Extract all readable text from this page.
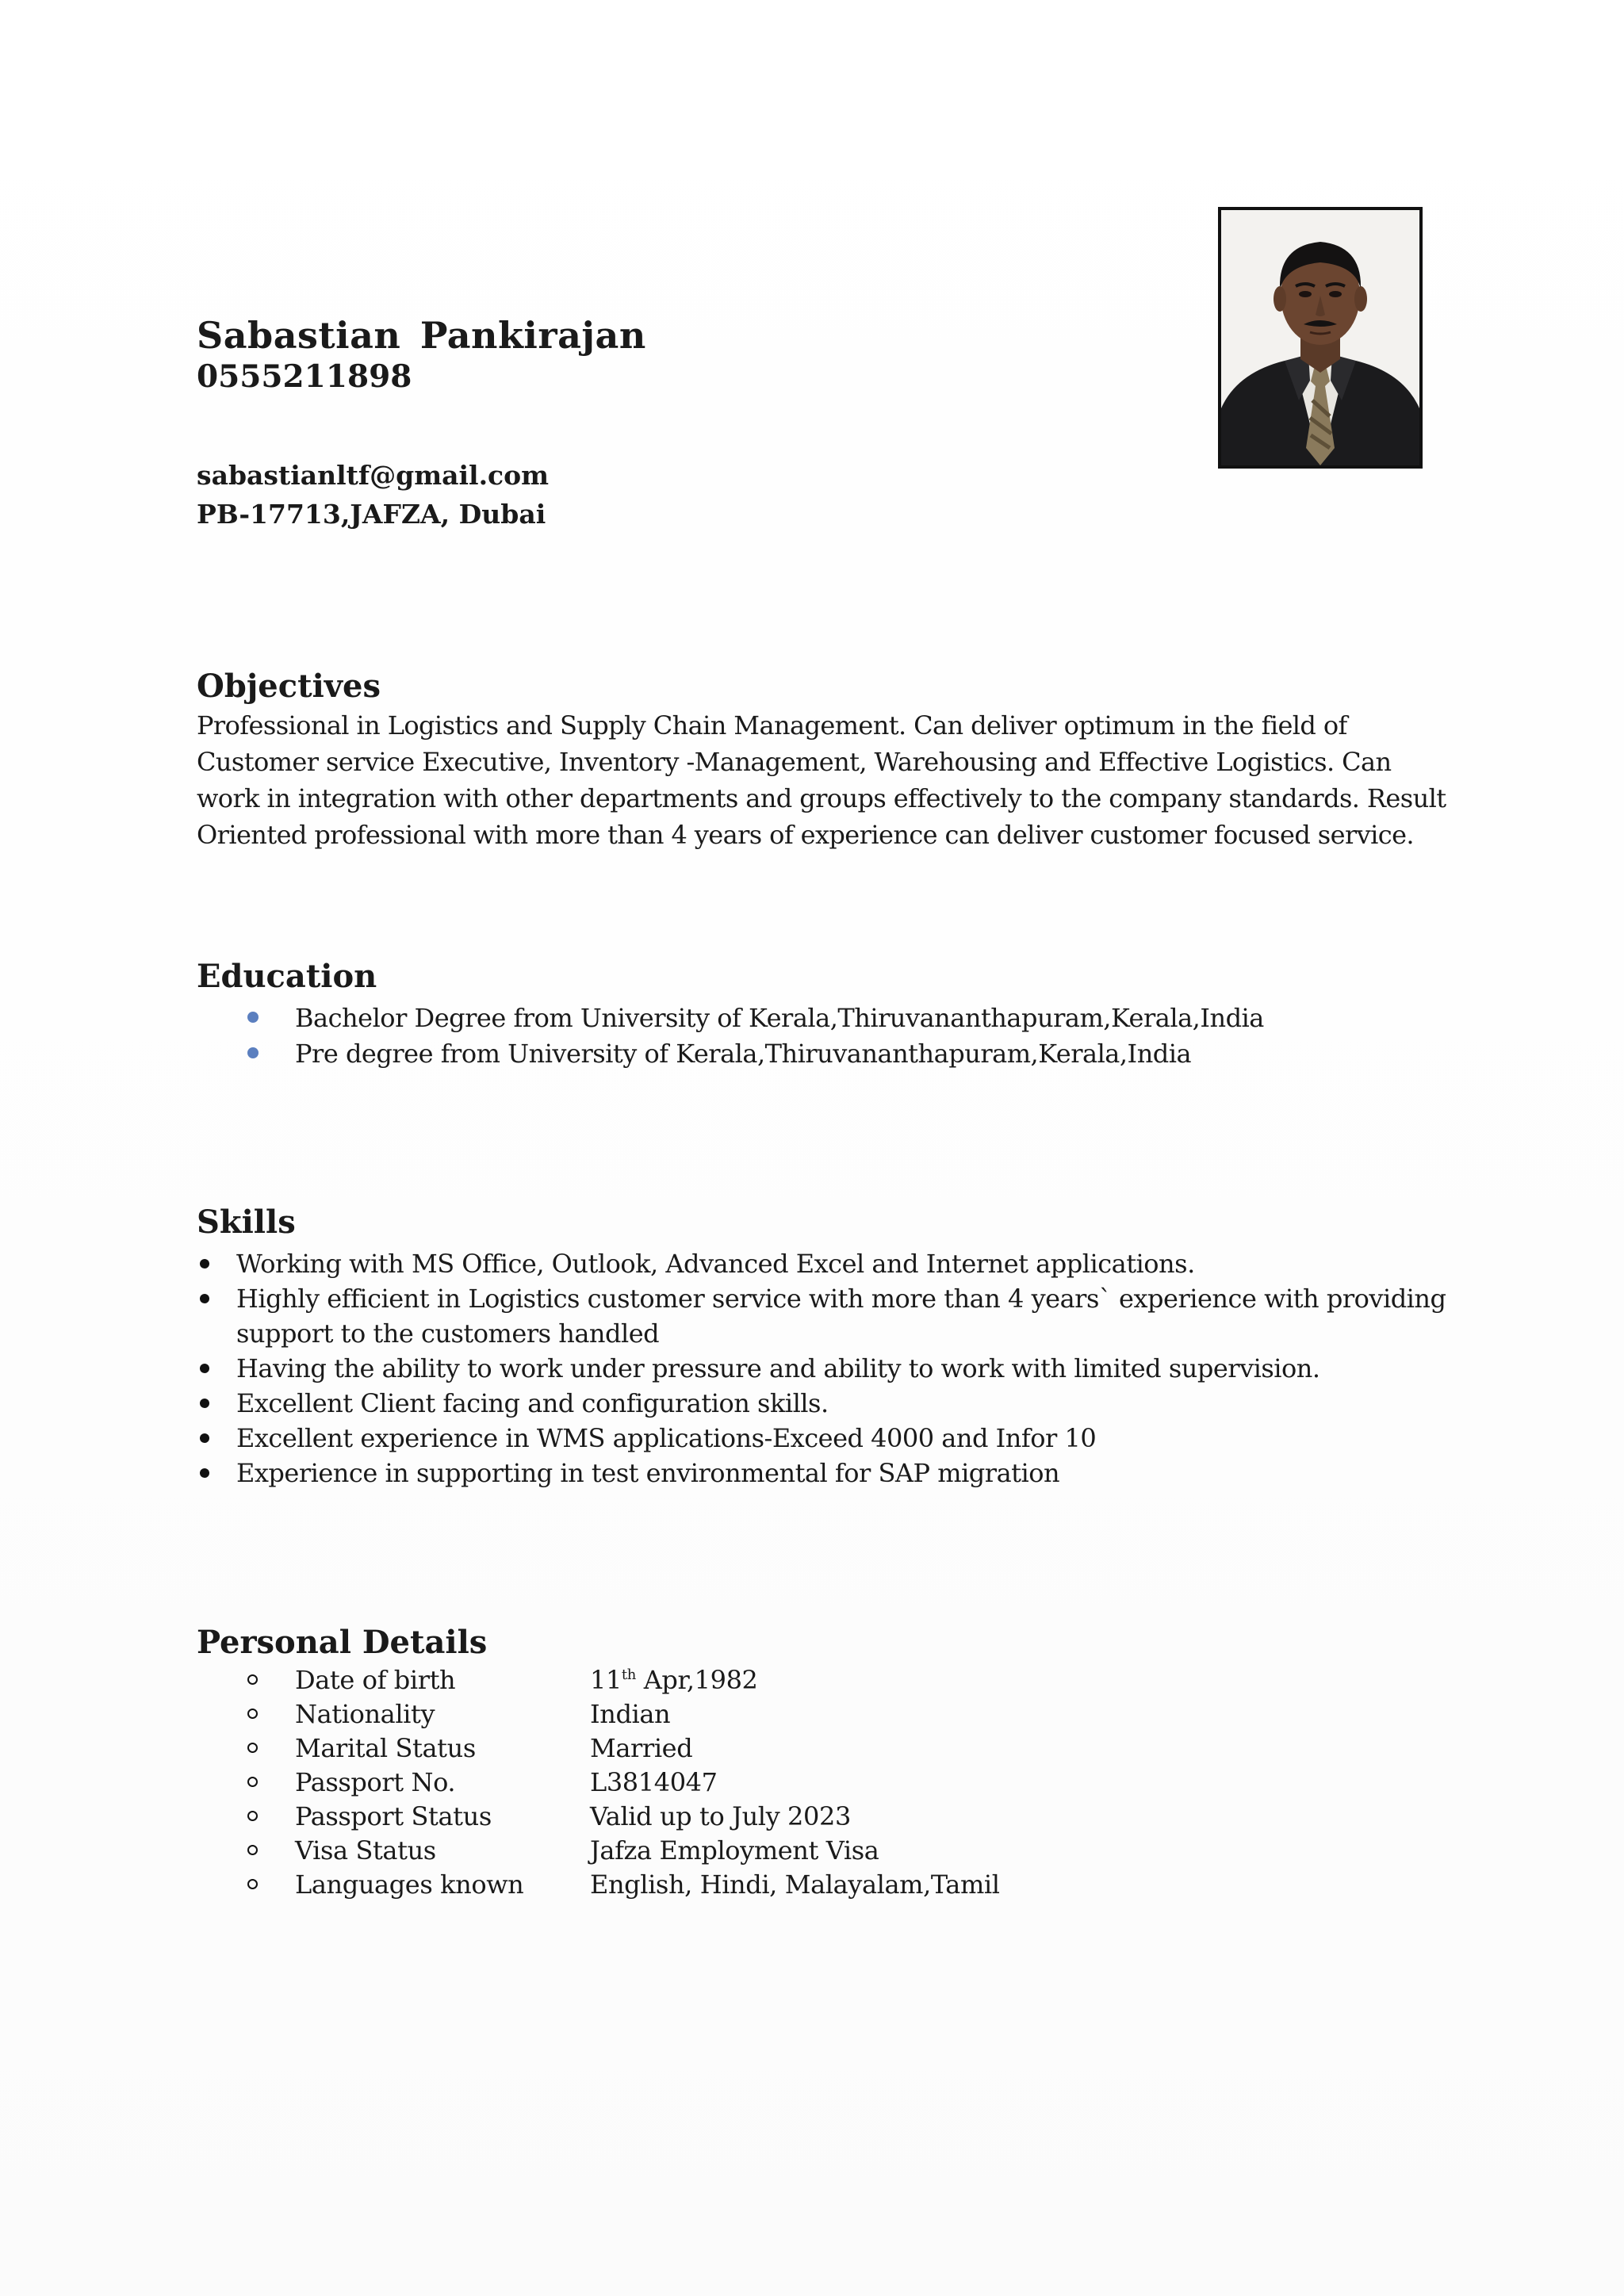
Sabastian Pankirajan
0555211898
sabastianltf@gmail.com
PB-17713,JAFZA, Dubai
Objectives

Professional in Logistics and Supply Chain Management. Can deliver optimum in the field of

Customer service Executive, Inventory -Management, Warehousing and Effective Logistics. Can

work in integration with other departments and groups effectively to the company standards. Result

Oriented professional with more than 4 years of experience can deliver customer focused service.

Education
Bachelor Degree from University of Kerala,Thiruvananthapuram,Kerala,India
Pre degree from University of Kerala,Thiruvananthapuram,Kerala,India
Skills
Working with MS Office, Outlook, Advanced Excel and Internet applications.
Highly efficient in Logistics customer service with more than 4 years` experience with providing
support to the customers handled
Having the ability to work under pressure and ability to work with limited supervision.
Excellent Client facing and configuration skills.
Excellent experience in WMS applications-Exceed 4000 and Infor 10
Experience in supporting in test environmental for SAP migration
Personal Details
Date of birth	11th Apr,1982
Nationality	Indian
Marital Status	Married
Passport No.	L3814047
Passport Status	Valid up to July 2023
Visa Status	Jafza Employment Visa
Languages known	English, Hindi, Malayalam,Tamil
